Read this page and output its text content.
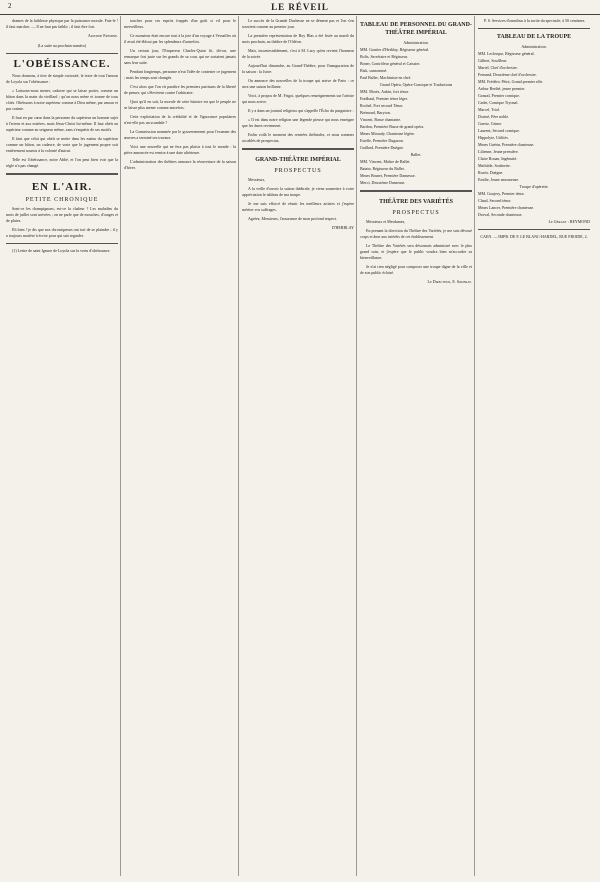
2	LE RÉVEIL

drames de la faiblesse physique par la puissance morale. Fais-le ! il faut marcher. — Il ne faut pas faiblir ; il faut être fort.

Aristide Frémine.

(La suite au prochain numéro)

L'OBÉISSANCE.

Nous donnons, à titre de simple curiosité, le texte de tout l'amour de Loyola sur l'obéissance :

« Laissons-nous mener, cadavre qui se laisse porter, comme un bâton dans la main du vieillard ; qu'on nous mène et tourne de tous côtés. Obéissons à notre supérieur comme à Dieu même, par amour et par crainte.

Il faut en par cœur dans la personne du supérieur un homme sujet à l'erreur et aux misères, mais Jésus-Christ lui-même. Il faut obéir au supérieur comme au seigneur même, sans s'enquérir de ses motifs.

Il faut que celui qui obéit se mette dans les mains du supérieur comme un bâton, un cadavre, de sorte que le jugement propre soit entièrement soumis à la volonté d'autrui.

Telle est l'obéissance, notre Abbé, et l'on peut bien voir que la règle n'a pas changé.

EN L'AIR.
PETITE CHRONIQUE

Sont-ce les champignons, est-ce la chaleur ? Les maladies du mois de juillet sont arrivées ; on ne parle que de mouches, d'orages et de pluies.

Eh bien ! je dis que nos chroniqueurs ont tort de se plaindre ; il y a toujours matière à écrire pour qui sait regarder.

(1) Lettre de saint Ignace de Loyola sur la vertu d'obéissance.

toucher pour ces esprits frappés d'un goût si vif pour le merveilleux.

Ce monsieur était encore tout à la joie d'un voyage à Versailles où il avait été ébloui par les splendeurs d'autrefois.

Un certain jour, l'Empereur Charles-Quint fit, dit-on, une remarque fort juste sur les grands de sa cour, qui ne sortaient jamais sans leur suite.

Pendant longtemps, personne n'eut l'idée de contester ce jugement ; mais les temps sont changés.

C'est alors que l'on vit paraître les premiers partisans de la liberté de penser, qui s'élevèrent contre l'arbitraire.

Quoi qu'il en soit, la morale de cette histoire est que le peuple ne se laisse plus mener comme autrefois.

Cette exploitation de la crédulité et de l'ignorance populaires n'est-elle pas un scandale ?

La Commission nommée par le gouvernement pour l'examen des œuvres a terminé ses travaux.

Voici une nouvelle qui ne fera pas plaisir à tout le monde : la pièce annoncée est remise à une date ultérieure.

L'administration des théâtres annonce la réouverture de la saison d'hiver.

Le succès de la Grande Duchesse ne se dément pas et l'on s'en souvient comme au premier jour.

La première représentation de Roy Blas a été fixée au mardi du mois prochain, au théâtre de l'Odéon.

Mais, incontestablement, c'est à M. Lacy qu'en revient l'honneur de la soirée.

Aujourd'hui dimanche, au Grand-Théâtre, pour l'inauguration de la saison : la Juive.

On annonce des nouvelles de la troupe qui arrive de Paris : ce sera une saison brillante.

Voici, à propos de M. Frigot, quelques renseignements sur l'artiste qui nous arrive.

Il y a dans un journal religieux qui s'appelle l'Écho du purgatoire :

« Il est dans notre religion une légende pieuse qui nous enseigne que les âmes reviennent.

Enfin voilà le moment des rentrées théâtrales, et nous sommes accablés de prospectus.

GRAND-THÉÂTRE IMPÉRIAL
PROSPECTUS

Messieurs,

A la veille d'ouvrir la saison théâtrale, je viens soumettre à votre appréciation le tableau de ma troupe.

Je me suis efforcé de réunir les meilleurs artistes et j'espère mériter vos suffrages.

Agréez, Messieurs, l'assurance de mon profond respect.

D'HERBLAY

TABLEAU DE PERSONNEL DU GRAND-THÉÂTRE IMPÉRIAL
Administration.
MM. Gontier d'Herblay, Régisseur général.
Bolis, Secrétaire et Régisseur.
Boner, Contrôleur général et Caissier.
Bisk, surnommé.
Paul Baller, Machiniste en chef.
Grand Opéra, Opéra-Comique et Traductions
MM. Morès, Aubin, fort ténor.
Fradhaul, Premier ténor léger.
Rochel, Fort second Ténor.
Brémond, Baryton.
Vincent, Basse chantante.
Bardon, Première Basse de grand opéra.
Mmes Miraudy, Chanteuse légère.
Estelle, Première Dugazon.
Gaillard, Première Duègne.
Ballet.
MM. Vincent, Maître de Ballet.
Batain, Régisseur du Ballet.
Mmes Brunet, Première Danseuse.
Merci, Deuxième Danseuse.
THÉÂTRE DES VARIÉTÉS
PROSPECTUS

Messieurs et Mesdames,

En prenant la direction du Théâtre des Variétés, je me suis dévoué corps et âme aux intérêts de cet établissement.

Le Théâtre des Variétés sera désormais administré avec le plus grand soin, et j'espère que le public voudra bien m'accorder sa bienveillance.

Je n'ai rien négligé pour composer une troupe digne de la ville et de son public éclairé.

Le Directeur, E. Soubrat.

P. S. Services d'omnibus à la sortie du spectacle, à 50 centimes.

TABLEAU DE LA TROUPE
Administration.
MM. Leclerque, Régisseur général.
Gilbert, Souffleur.
Martel, Chef d'orchestre.
Fernand, Deuxième chef d'orchestre.
MM. Frédéric Pétot, Grand premier rôle.
Arthur Berthé, jeune premier.
Gonzal, Premier comique.
Cadet, Comique Tryonal.
Marcel, Trial.
Doriné, Père noble.
Guertz, Grime.
Laurent, Second comique.
Hippolyte, Utilités.
Mmes Guérin, Première chanteuse.
Lilienne, Jeune première.
Claire Rouan, Ingénuité.
Mathilde, Soubrette.
Roséa, Duègne.
Emilie, Jeune amoureuse.
Troupe d'opérette.
MM. Goujery, Premier ténor.
Claud, Second ténor.
Mmes Lancer, Première chanteuse.
Dorval, Seconde chanteuse.

Le Gérant : REYMOND

CAEN. — IMPR. DE F. LE BLANC-HARDEL, RUE FROIDE, 2.
